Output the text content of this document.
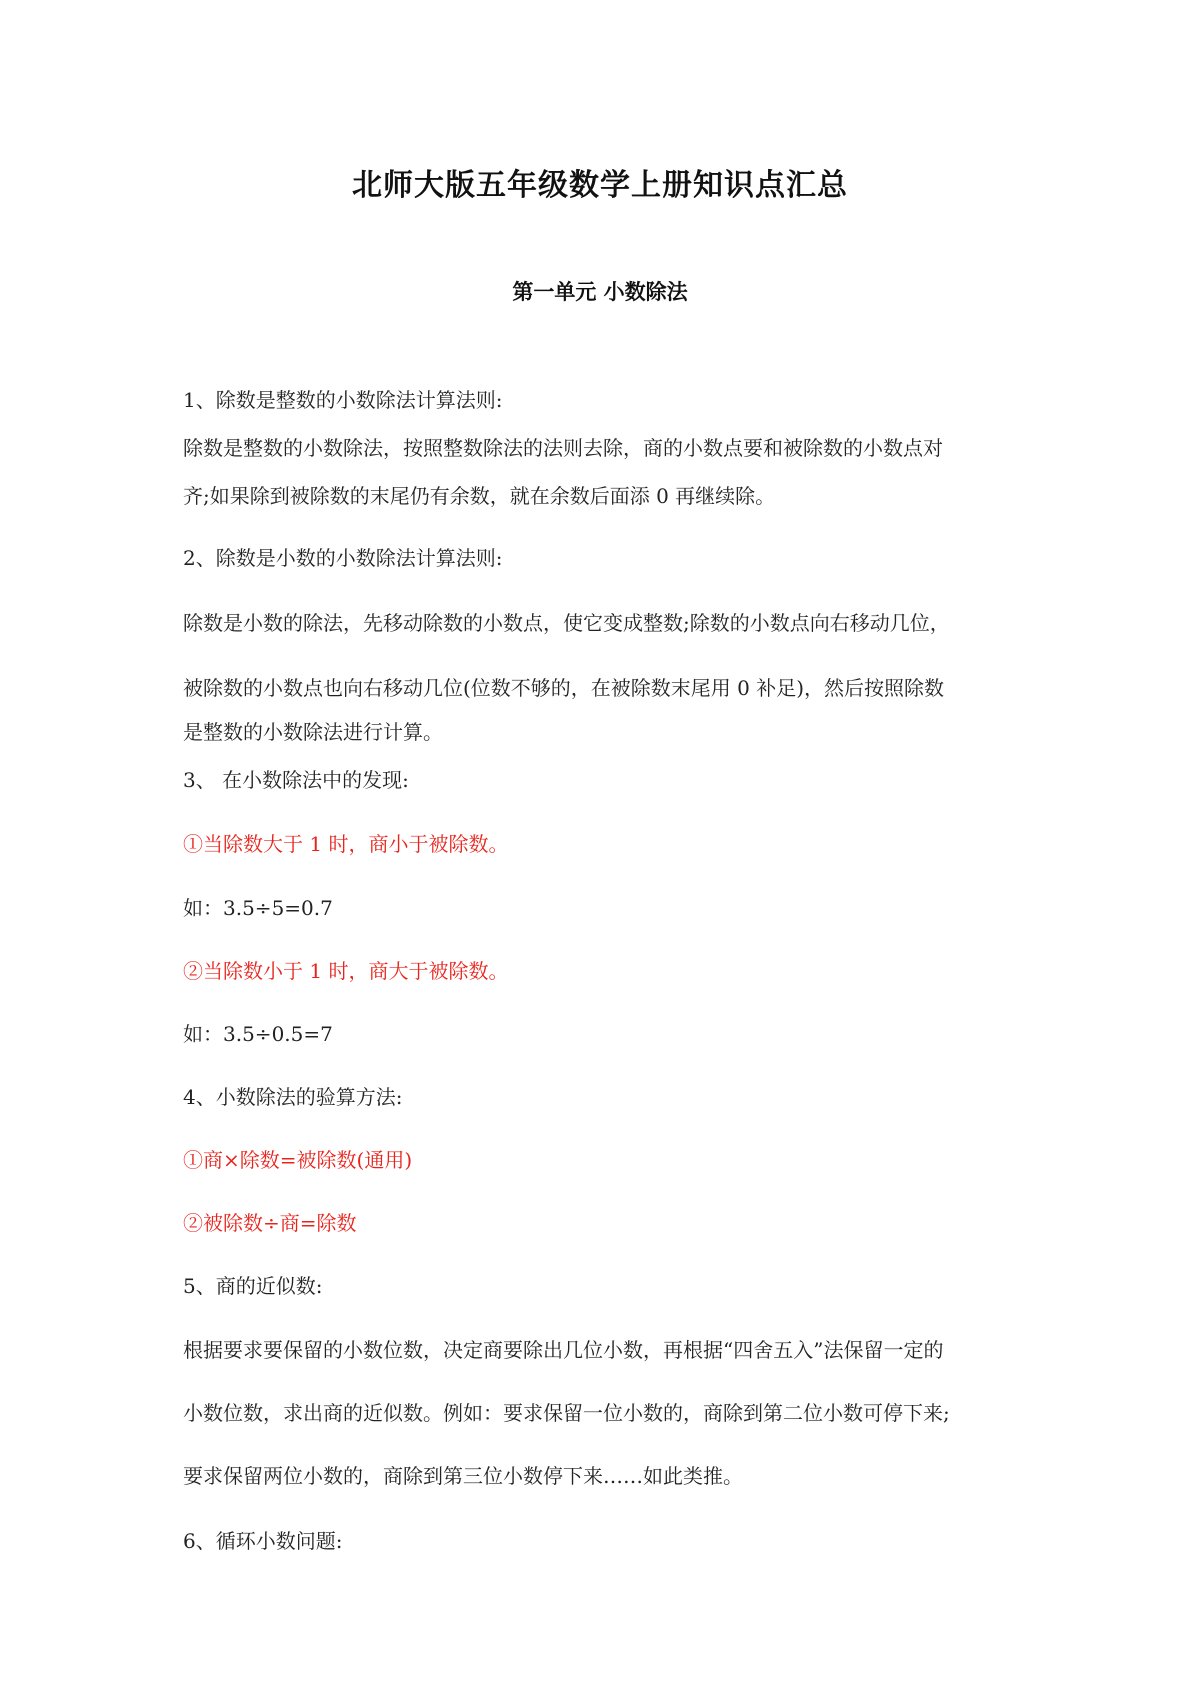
北师大版五年级数学上册知识点汇总
第一单元 小数除法
1、除数是整数的小数除法计算法则:
除数是整数的小数除法，按照整数除法的法则去除，商的小数点要和被除数的小数点对
齐;如果除到被除数的末尾仍有余数，就在余数后面添 0 再继续除。
2、除数是小数的小数除法计算法则:
除数是小数的除法，先移动除数的小数点，使它变成整数;除数的小数点向右移动几位，
被除数的小数点也向右移动几位(位数不够的，在被除数末尾用 0 补足)，然后按照除数
是整数的小数除法进行计算。
3、 在小数除法中的发现:
①当除数大于 1 时，商小于被除数。
如：3.5÷5=0.7
②当除数小于 1 时，商大于被除数。
如：3.5÷0.5=7
4、小数除法的验算方法:
①商×除数=被除数(通用)
②被除数÷商=除数
5、商的近似数:
根据要求要保留的小数位数，决定商要除出几位小数，再根据“四舍五入”法保留一定的
小数位数，求出商的近似数。例如：要求保留一位小数的，商除到第二位小数可停下来;
要求保留两位小数的，商除到第三位小数停下来……如此类推。
6、循环小数问题:
